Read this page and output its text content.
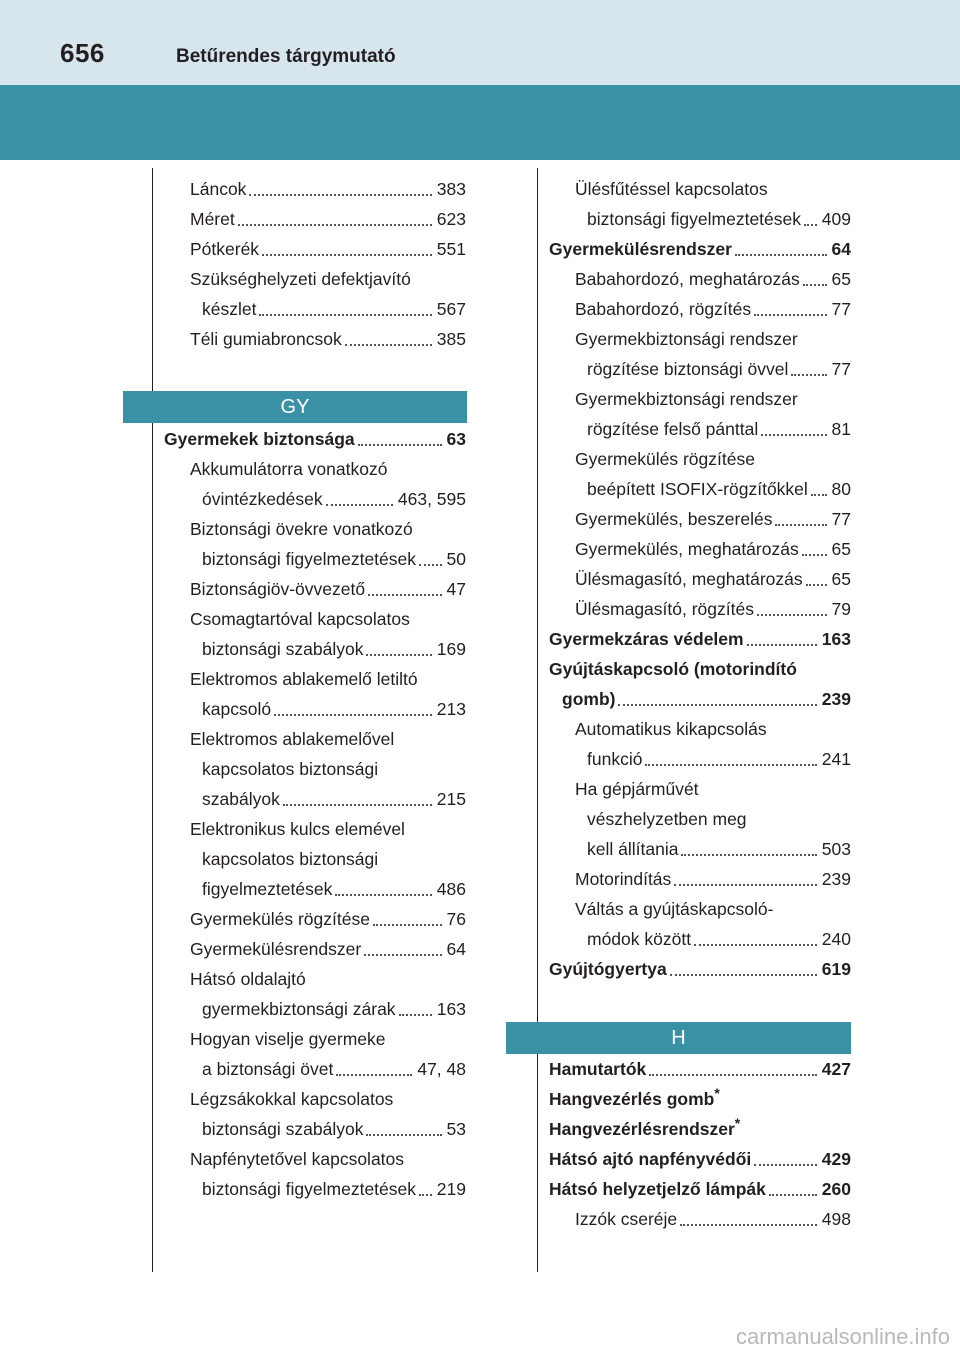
656	Betűrendes tárgymutató
Láncok	383
Méret	623
Pótkerék	551
Szükséghelyzeti defektjavító
készlet	567
Téli gumiabroncsok	385
GY
Gyermekek biztonsága	63
Akkumulátorra vonatkozó
óvintézkedések	463, 595
Biztonsági övekre vonatkozó
biztonsági figyelmeztetések 50
Biztonságiöv-övvezető	47
Csomagtartóval kapcsolatos
biztonsági szabályok	169
Elektromos ablakemelő letiltó
kapcsoló	213
Elektromos ablakemelővel
kapcsolatos biztonsági
szabályok	215
Elektronikus kulcs elemével
kapcsolatos biztonsági
figyelmeztetések	486
Gyermekülés rögzítése	76
Gyermekülésrendszer	64
Hátsó oldalajtó
gyermekbiztonsági zárak 163
Hogyan viselje gyermeke
a biztonsági övet	47, 48
Légzsákokkal kapcsolatos
biztonsági szabályok	53
Napfénytetővel kapcsolatos
biztonsági figyelmeztetések 219
Ülésfűtéssel kapcsolatos
biztonsági figyelmeztetések 409
Gyermekülésrendszer	64
Babahordozó, meghatározás 65
Babahordozó, rögzítés	77
Gyermekbiztonsági rendszer
rögzítése biztonsági övvel 77
Gyermekbiztonsági rendszer
rögzítése felső pánttal	81
Gyermekülés rögzítése
beépített ISOFIX-rögzítőkkel 80
Gyermekülés, beszerelés	77
Gyermekülés, meghatározás 65
Ülésmagasító, meghatározás 65
Ülésmagasító, rögzítés	79
Gyermekzáras védelem	163
Gyújtáskapcsoló (motorindító
gomb)	239
Automatikus kikapcsolás
funkció	241
Ha gépjárművét
vészhelyzetben meg
kell állítania	503
Motorindítás	239
Váltás a gyújtáskapcsoló-
módok között	240
Gyújtógyertya	619
H
Hamutartók	427
Hangvezérlés gomb*
Hangvezérlésrendszer*
Hátsó ajtó napfényvédői	429
Hátsó helyzetjelző lámpák	260
Izzók cseréje	498
carmanualsonline.info
